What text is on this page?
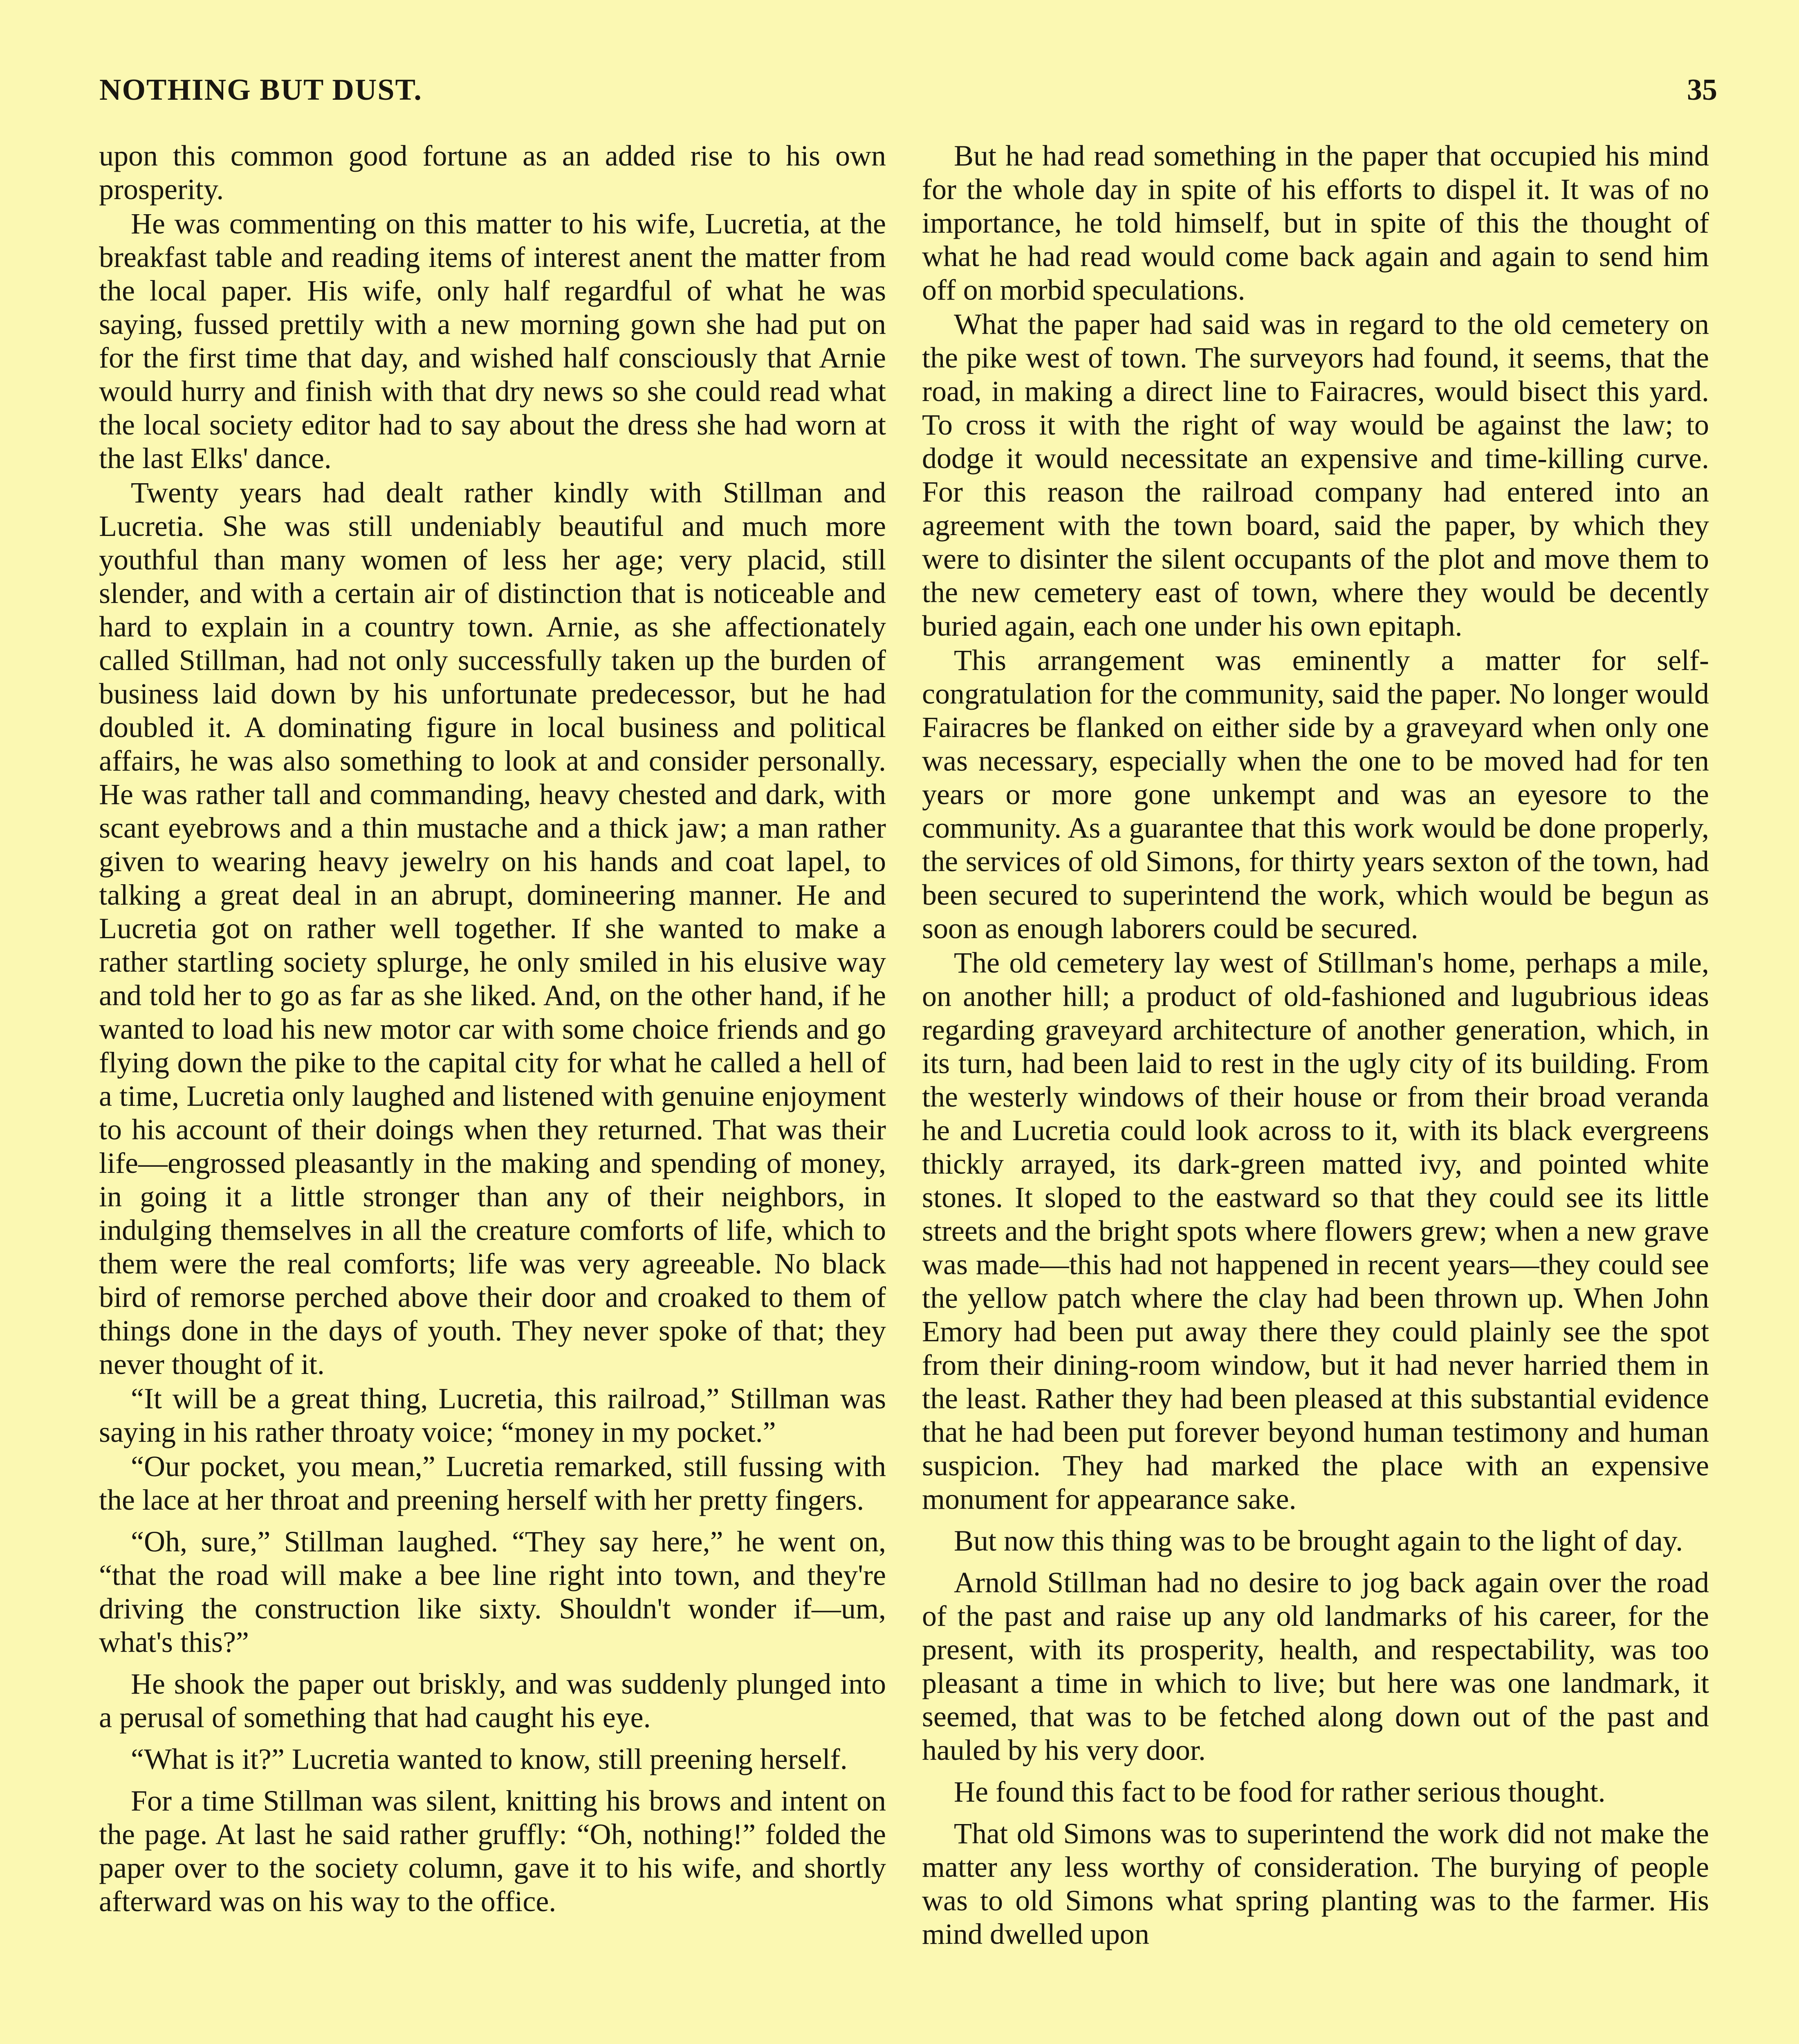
NOTHING BUT DUST.	35

upon this common good fortune as an added rise to his own prosperity.

He was commenting on this matter to his wife, Lucretia, at the breakfast table and reading items of interest anent the matter from the local paper. His wife, only half regardful of what he was saying, fussed prettily with a new morning gown she had put on for the first time that day, and wished half consciously that Arnie would hurry and finish with that dry news so she could read what the local society editor had to say about the dress she had worn at the last Elks' dance.

Twenty years had dealt rather kindly with Stillman and Lucretia. She was still undeniably beautiful and much more youthful than many women of less her age; very placid, still slender, and with a certain air of distinction that is noticeable and hard to explain in a country town. Arnie, as she affectionately called Stillman, had not only successfully taken up the burden of business laid down by his unfortunate predecessor, but he had doubled it. A dominating figure in local business and political affairs, he was also something to look at and consider personally. He was rather tall and commanding, heavy chested and dark, with scant eyebrows and a thin mustache and a thick jaw; a man rather given to wearing heavy jewelry on his hands and coat lapel, to talking a great deal in an abrupt, domineering manner. He and Lucretia got on rather well together. If she wanted to make a rather startling society splurge, he only smiled in his elusive way and told her to go as far as she liked. And, on the other hand, if he wanted to load his new motor car with some choice friends and go flying down the pike to the capital city for what he called a hell of a time, Lucretia only laughed and listened with genuine enjoyment to his account of their doings when they returned. That was their life—engrossed pleasantly in the making and spending of money, in going it a little stronger than any of their neighbors, in indulging themselves in all the creature comforts of life, which to them were the real comforts; life was very agreeable. No black bird of remorse perched above their door and croaked to them of things done in the days of youth. They never spoke of that; they never thought of it.

“It will be a great thing, Lucretia, this railroad,” Stillman was saying in his rather throaty voice; “money in my pocket.”

“Our pocket, you mean,” Lucretia remarked, still fussing with the lace at her throat and preening herself with her pretty fingers.

“Oh, sure,” Stillman laughed. “They say here,” he went on, “that the road will make a bee line right into town, and they're driving the construction like sixty. Shouldn't wonder if—um, what's this?”

He shook the paper out briskly, and was suddenly plunged into a perusal of something that had caught his eye.

“What is it?” Lucretia wanted to know, still preening herself.

For a time Stillman was silent, knitting his brows and intent on the page. At last he said rather gruffly: “Oh, nothing!” folded the paper over to the society column, gave it to his wife, and shortly afterward was on his way to the office.

But he had read something in the paper that occupied his mind for the whole day in spite of his efforts to dispel it. It was of no importance, he told himself, but in spite of this the thought of what he had read would come back again and again to send him off on morbid speculations.

What the paper had said was in regard to the old cemetery on the pike west of town. The surveyors had found, it seems, that the road, in making a direct line to Fairacres, would bisect this yard. To cross it with the right of way would be against the law; to dodge it would necessitate an expensive and time-killing curve. For this reason the railroad company had entered into an agreement with the town board, said the paper, by which they were to disinter the silent occupants of the plot and move them to the new cemetery east of town, where they would be decently buried again, each one under his own epitaph.

This arrangement was eminently a matter for self-congratulation for the community, said the paper. No longer would Fairacres be flanked on either side by a graveyard when only one was necessary, especially when the one to be moved had for ten years or more gone unkempt and was an eyesore to the community. As a guarantee that this work would be done properly, the services of old Simons, for thirty years sexton of the town, had been secured to superintend the work, which would be begun as soon as enough laborers could be secured.

The old cemetery lay west of Stillman's home, perhaps a mile, on another hill; a product of old-fashioned and lugubrious ideas regarding graveyard architecture of another generation, which, in its turn, had been laid to rest in the ugly city of its building. From the westerly windows of their house or from their broad veranda he and Lucretia could look across to it, with its black evergreens thickly arrayed, its dark-green matted ivy, and pointed white stones. It sloped to the eastward so that they could see its little streets and the bright spots where flowers grew; when a new grave was made—this had not happened in recent years—they could see the yellow patch where the clay had been thrown up. When John Emory had been put away there they could plainly see the spot from their dining-room window, but it had never harried them in the least. Rather they had been pleased at this substantial evidence that he had been put forever beyond human testimony and human suspicion. They had marked the place with an expensive monument for appearance sake.

But now this thing was to be brought again to the light of day.

Arnold Stillman had no desire to jog back again over the road of the past and raise up any old landmarks of his career, for the present, with its prosperity, health, and respectability, was too pleasant a time in which to live; but here was one landmark, it seemed, that was to be fetched along down out of the past and hauled by his very door.

He found this fact to be food for rather serious thought.

That old Simons was to superintend the work did not make the matter any less worthy of consideration. The burying of people was to old Simons what spring planting was to the farmer. His mind dwelled upon
